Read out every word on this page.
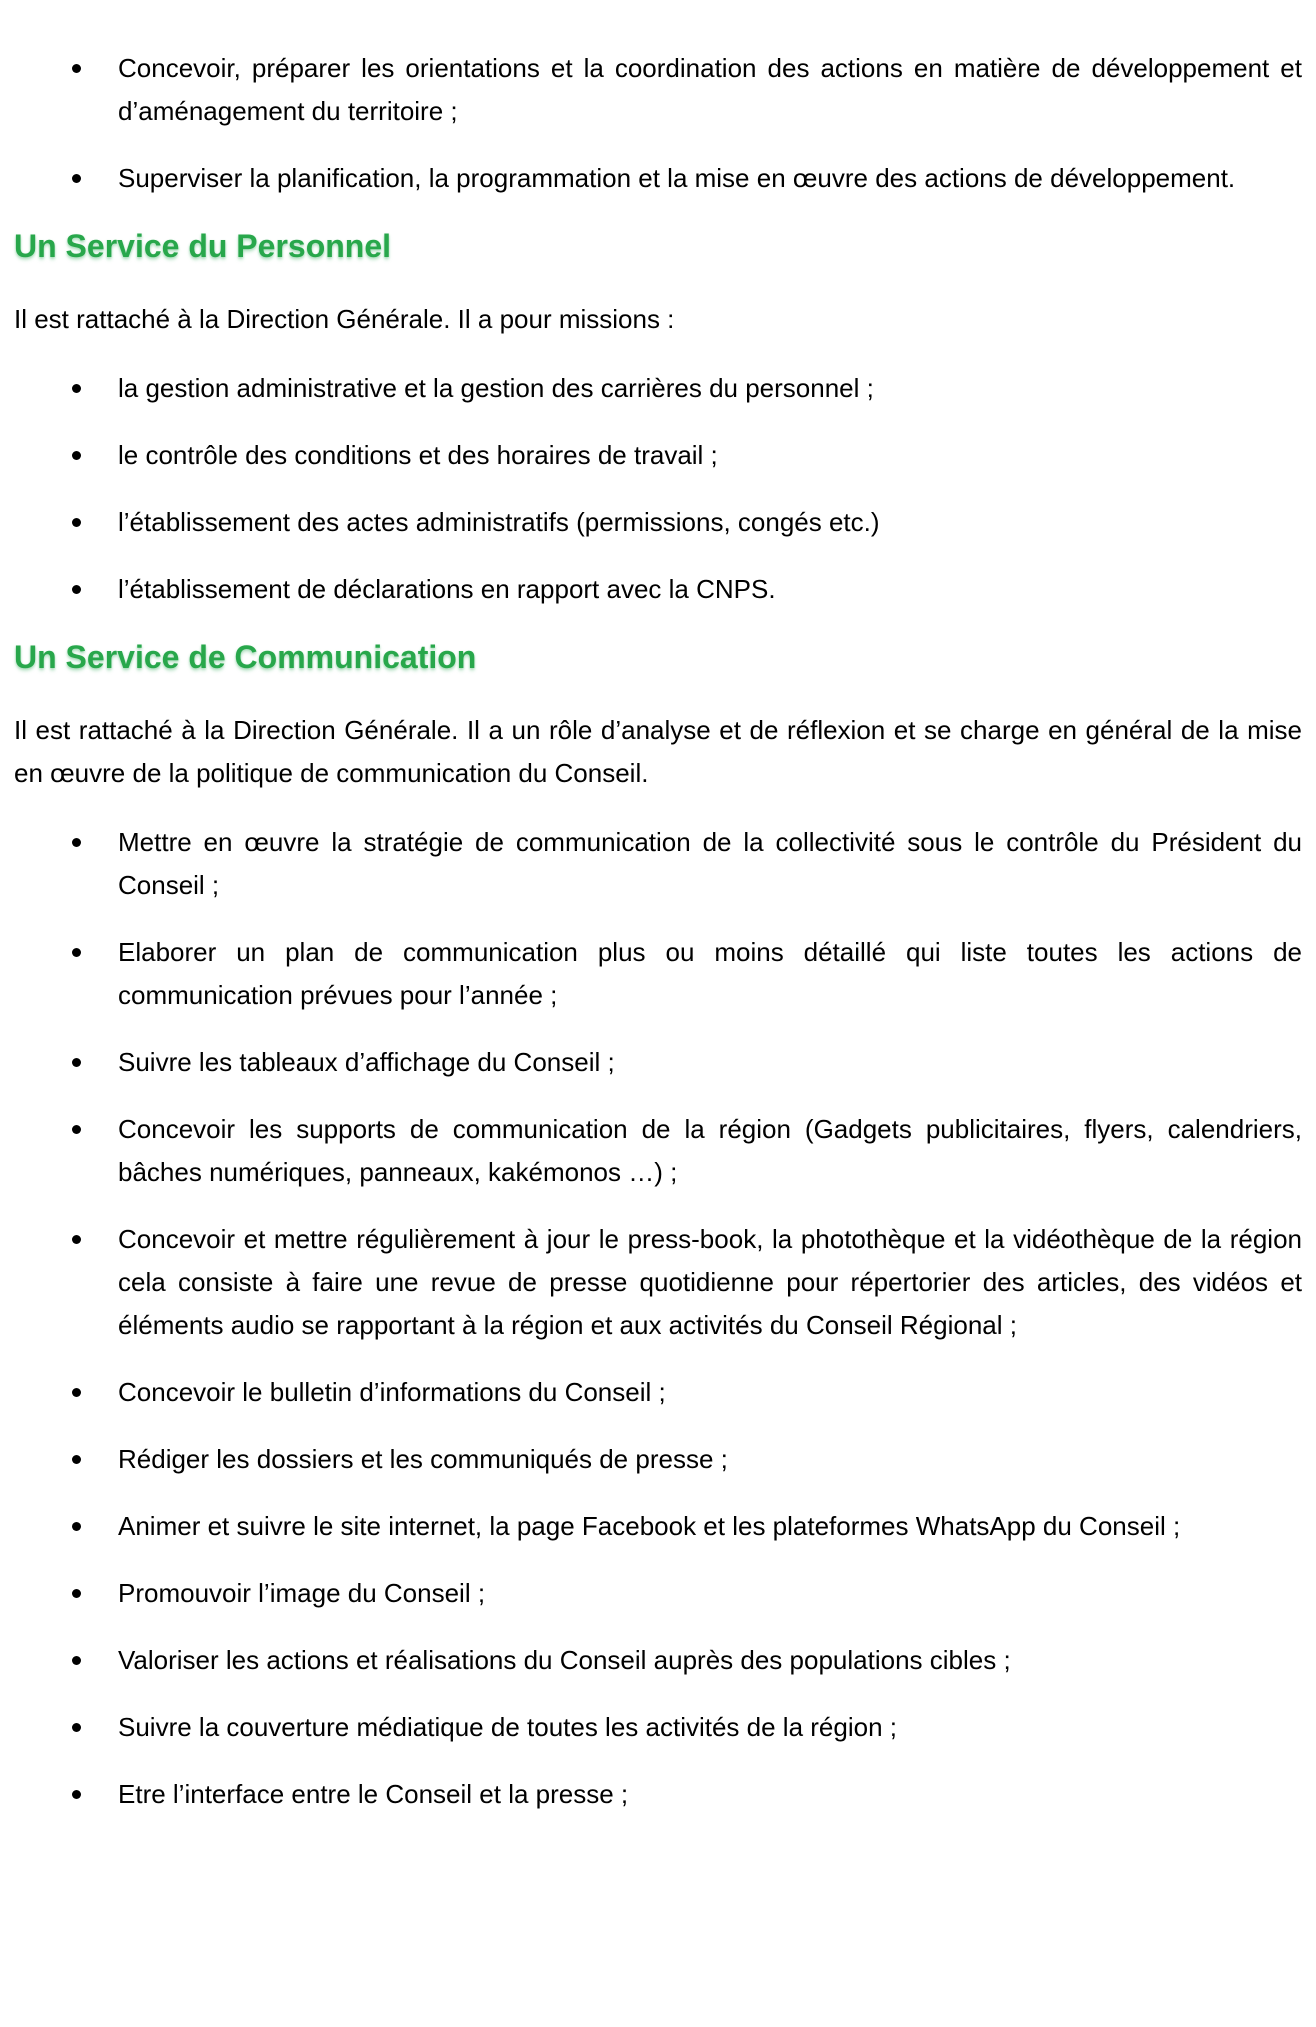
Concevoir, préparer les orientations et la coordination des actions en matière de développement et d’aménagement du territoire ;
Superviser la planification, la programmation et la mise en œuvre des actions de développement.
Un Service du Personnel

Il est rattaché à la Direction Générale. Il a pour missions :

la gestion administrative et la gestion des carrières du personnel ;
le contrôle des conditions et des horaires de travail ;
l’établissement des actes administratifs (permissions, congés etc.)
l’établissement de déclarations en rapport avec la CNPS.
Un Service de Communication

Il est rattaché à la Direction Générale. Il a un rôle d’analyse et de réflexion et se charge en général de la mise en œuvre de la politique de communication du Conseil.

Mettre en œuvre la stratégie de communication de la collectivité sous le contrôle du Président du Conseil ;
Elaborer un plan de communication plus ou moins détaillé qui liste toutes les actions de communication prévues pour l’année ;
Suivre les tableaux d’affichage du Conseil ;
Concevoir les supports de communication de la région (Gadgets publicitaires, flyers, calendriers, bâches numériques, panneaux, kakémonos …) ;
Concevoir et mettre régulièrement à jour le press-book, la photothèque et la vidéothèque de la région cela consiste à faire une revue de presse quotidienne pour répertorier des articles, des vidéos et éléments audio se rapportant à la région et aux activités du Conseil Régional ;
Concevoir le bulletin d’informations du Conseil ;
Rédiger les dossiers et les communiqués de presse ;
Animer et suivre le site internet, la page Facebook et les plateformes WhatsApp du Conseil ;
Promouvoir l’image du Conseil ;
Valoriser les actions et réalisations du Conseil auprès des populations cibles ;
Suivre la couverture médiatique de toutes les activités de la région ;
Etre l’interface entre le Conseil et la presse ;
